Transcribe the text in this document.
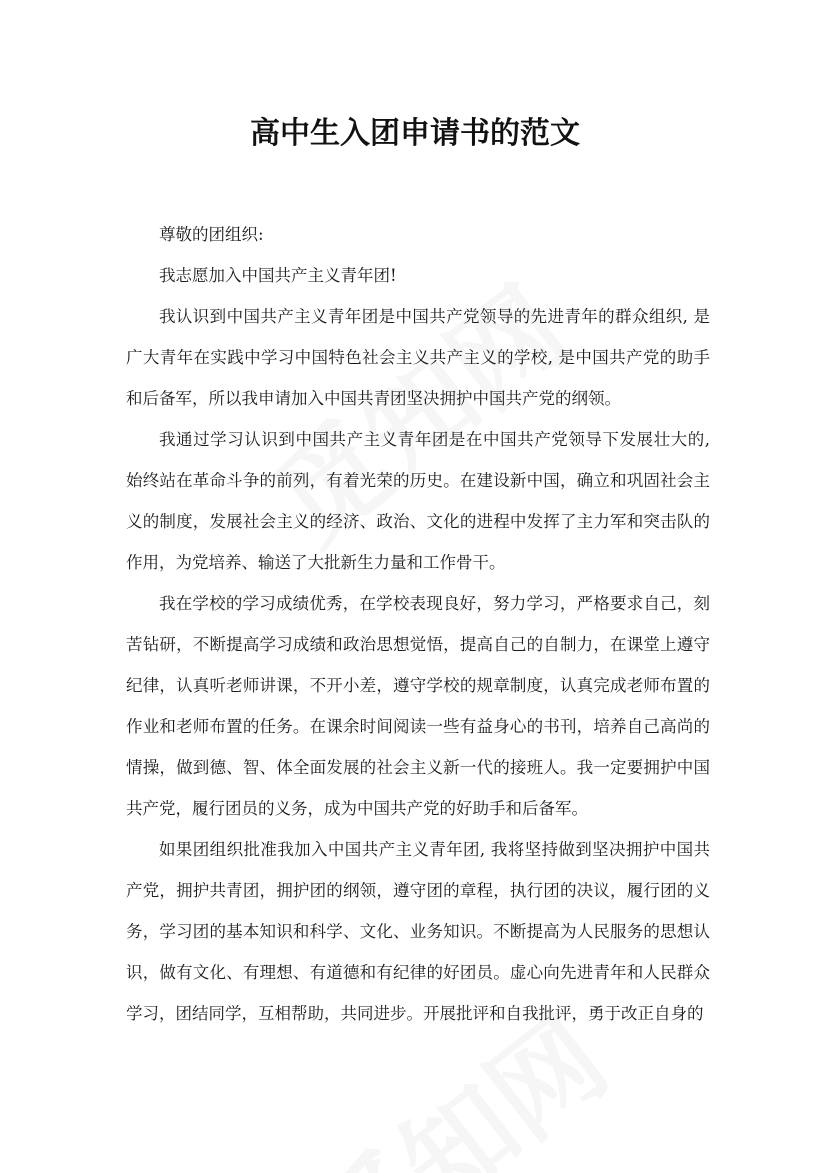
高中生入团申请书的范文

尊敬的团组织:

我志愿加入中国共产主义青年团!

我认识到中国共产主义青年团是中国共产党领导的先进青年的群众组织, 是广大青年在实践中学习中国特色社会主义共产主义的学校, 是中国共产党的助手和后备军，所以我申请加入中国共青团坚决拥护中国共产党的纲领。

我通过学习认识到中国共产主义青年团是在中国共产党领导下发展壮大的, 始终站在革命斗争的前列，有着光荣的历史。在建设新中国，确立和巩固社会主义的制度，发展社会主义的经济、政治、文化的进程中发挥了主力军和突击队的作用，为党培养、输送了大批新生力量和工作骨干。

我在学校的学习成绩优秀，在学校表现良好，努力学习，严格要求自己，刻苦钻研，不断提高学习成绩和政治思想觉悟，提高自己的自制力，在课堂上遵守纪律，认真听老师讲课，不开小差，遵守学校的规章制度，认真完成老师布置的作业和老师布置的任务。在课余时间阅读一些有益身心的书刊，培养自己高尚的情操，做到德、智、体全面发展的社会主义新一代的接班人。我一定要拥护中国共产党，履行团员的义务，成为中国共产党的好助手和后备军。

如果团组织批准我加入中国共产主义青年团, 我将坚持做到坚决拥护中国共产党，拥护共青团，拥护团的纲领，遵守团的章程，执行团的决议，履行团的义务，学习团的基本知识和科学、文化、业务知识。不断提高为人民服务的思想认识，做有文化、有理想、有道德和有纪律的好团员。虚心向先进青年和人民群众学习，团结同学，互相帮助，共同进步。开展批评和自我批评，勇于改正自身的
